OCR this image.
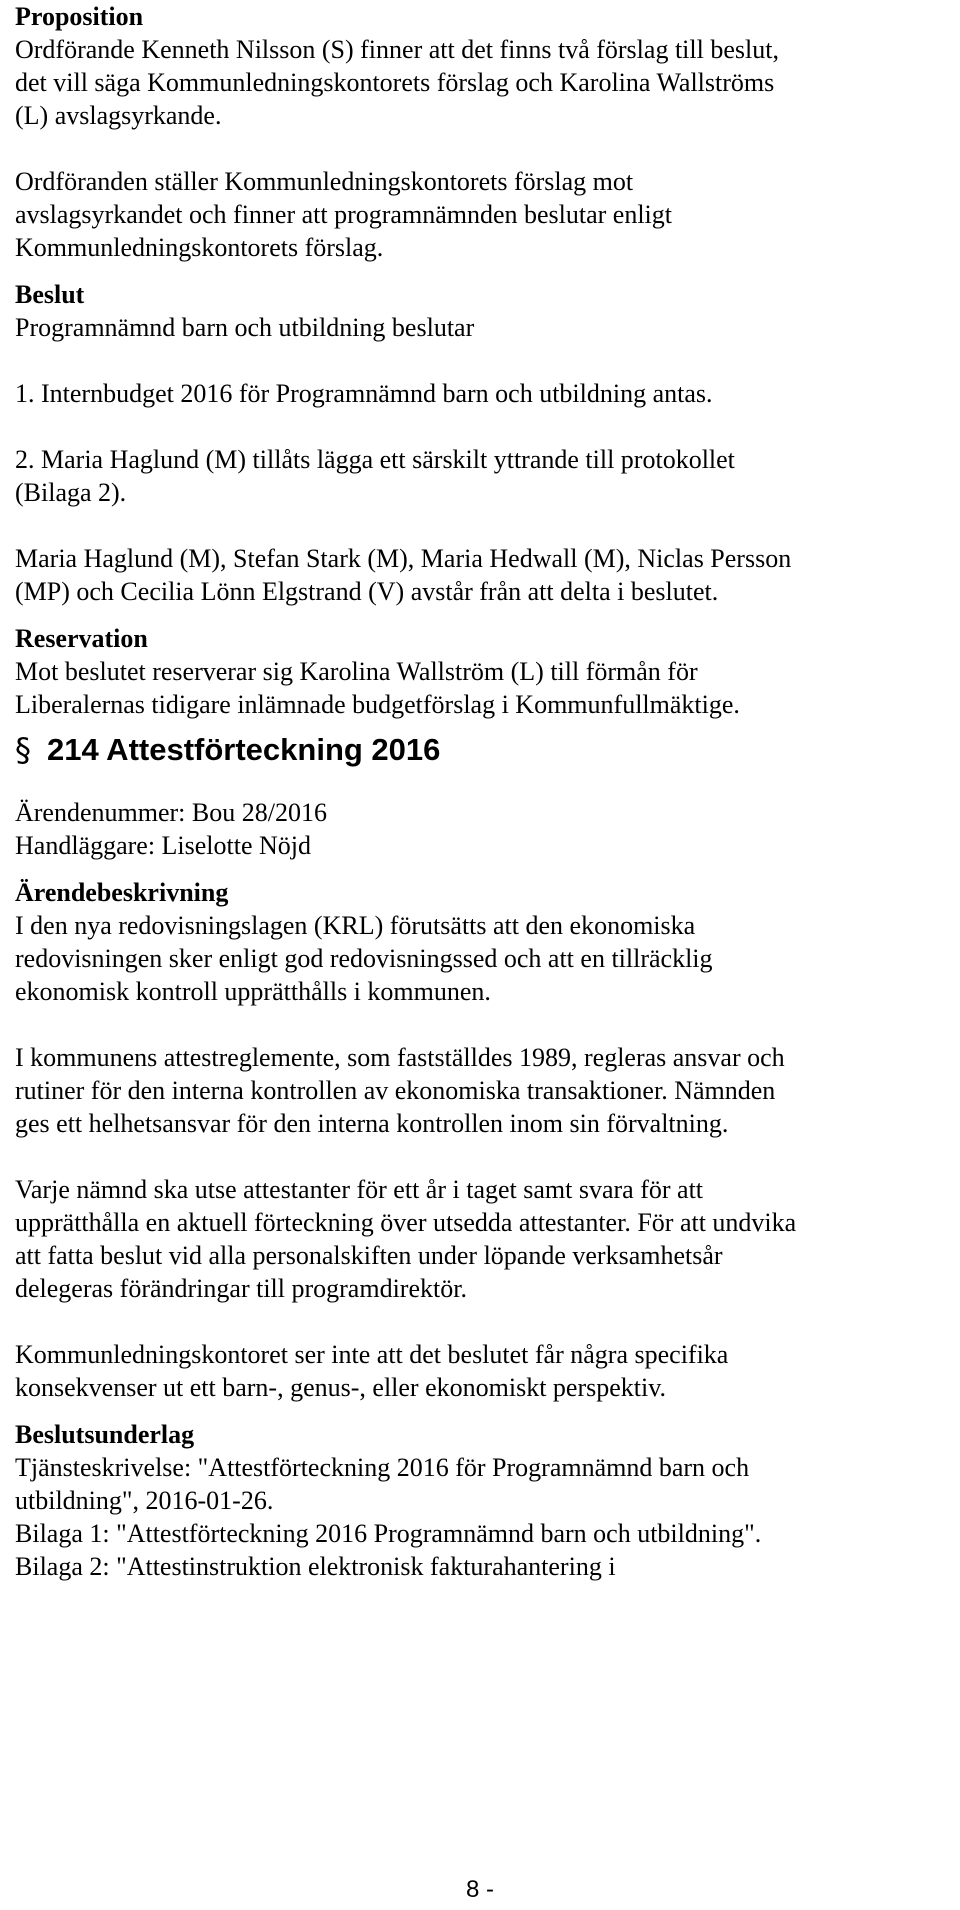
Proposition

Ordförande Kenneth Nilsson (S) finner att det finns två förslag till beslut,

det vill säga Kommunledningskontorets förslag och Karolina Wallströms

(L) avslagsyrkande.

Ordföranden ställer Kommunledningskontorets förslag mot

avslagsyrkandet och finner att programnämnden beslutar enligt

Kommunledningskontorets förslag.

Beslut

Programnämnd barn och utbildning beslutar

1. Internbudget 2016 för Programnämnd barn och utbildning antas.

2. Maria Haglund (M) tillåts lägga ett särskilt yttrande till protokollet

(Bilaga 2).

Maria Haglund (M), Stefan Stark (M), Maria Hedwall (M), Niclas Persson

(MP) och Cecilia Lönn Elgstrand (V) avstår från att delta i beslutet.

Reservation

Mot beslutet reserverar sig Karolina Wallström (L) till förmån för

Liberalernas tidigare inlämnade budgetförslag i Kommunfullmäktige.

§ 214 Attestförteckning 2016

Ärendenummer: Bou 28/2016

Handläggare: Liselotte Nöjd

Ärendebeskrivning

I den nya redovisningslagen (KRL) förutsätts att den ekonomiska

redovisningen sker enligt god redovisningssed och att en tillräcklig

ekonomisk kontroll upprätthålls i kommunen.

I kommunens attestreglemente, som fastställdes 1989, regleras ansvar och

rutiner för den interna kontrollen av ekonomiska transaktioner. Nämnden

ges ett helhetsansvar för den interna kontrollen inom sin förvaltning.

Varje nämnd ska utse attestanter för ett år i taget samt svara för att

upprätthålla en aktuell förteckning över utsedda attestanter. För att undvika

att fatta beslut vid alla personalskiften under löpande verksamhetsår

delegeras förändringar till programdirektör.

Kommunledningskontoret ser inte att det beslutet får några specifika

konsekvenser ut ett barn-, genus-, eller ekonomiskt perspektiv.

Beslutsunderlag

Tjänsteskrivelse: "Attestförteckning 2016 för Programnämnd barn och

utbildning", 2016-01-26.

Bilaga 1: "Attestförteckning 2016 Programnämnd barn och utbildning".

Bilaga 2: "Attestinstruktion elektronisk fakturahantering i

8 -
